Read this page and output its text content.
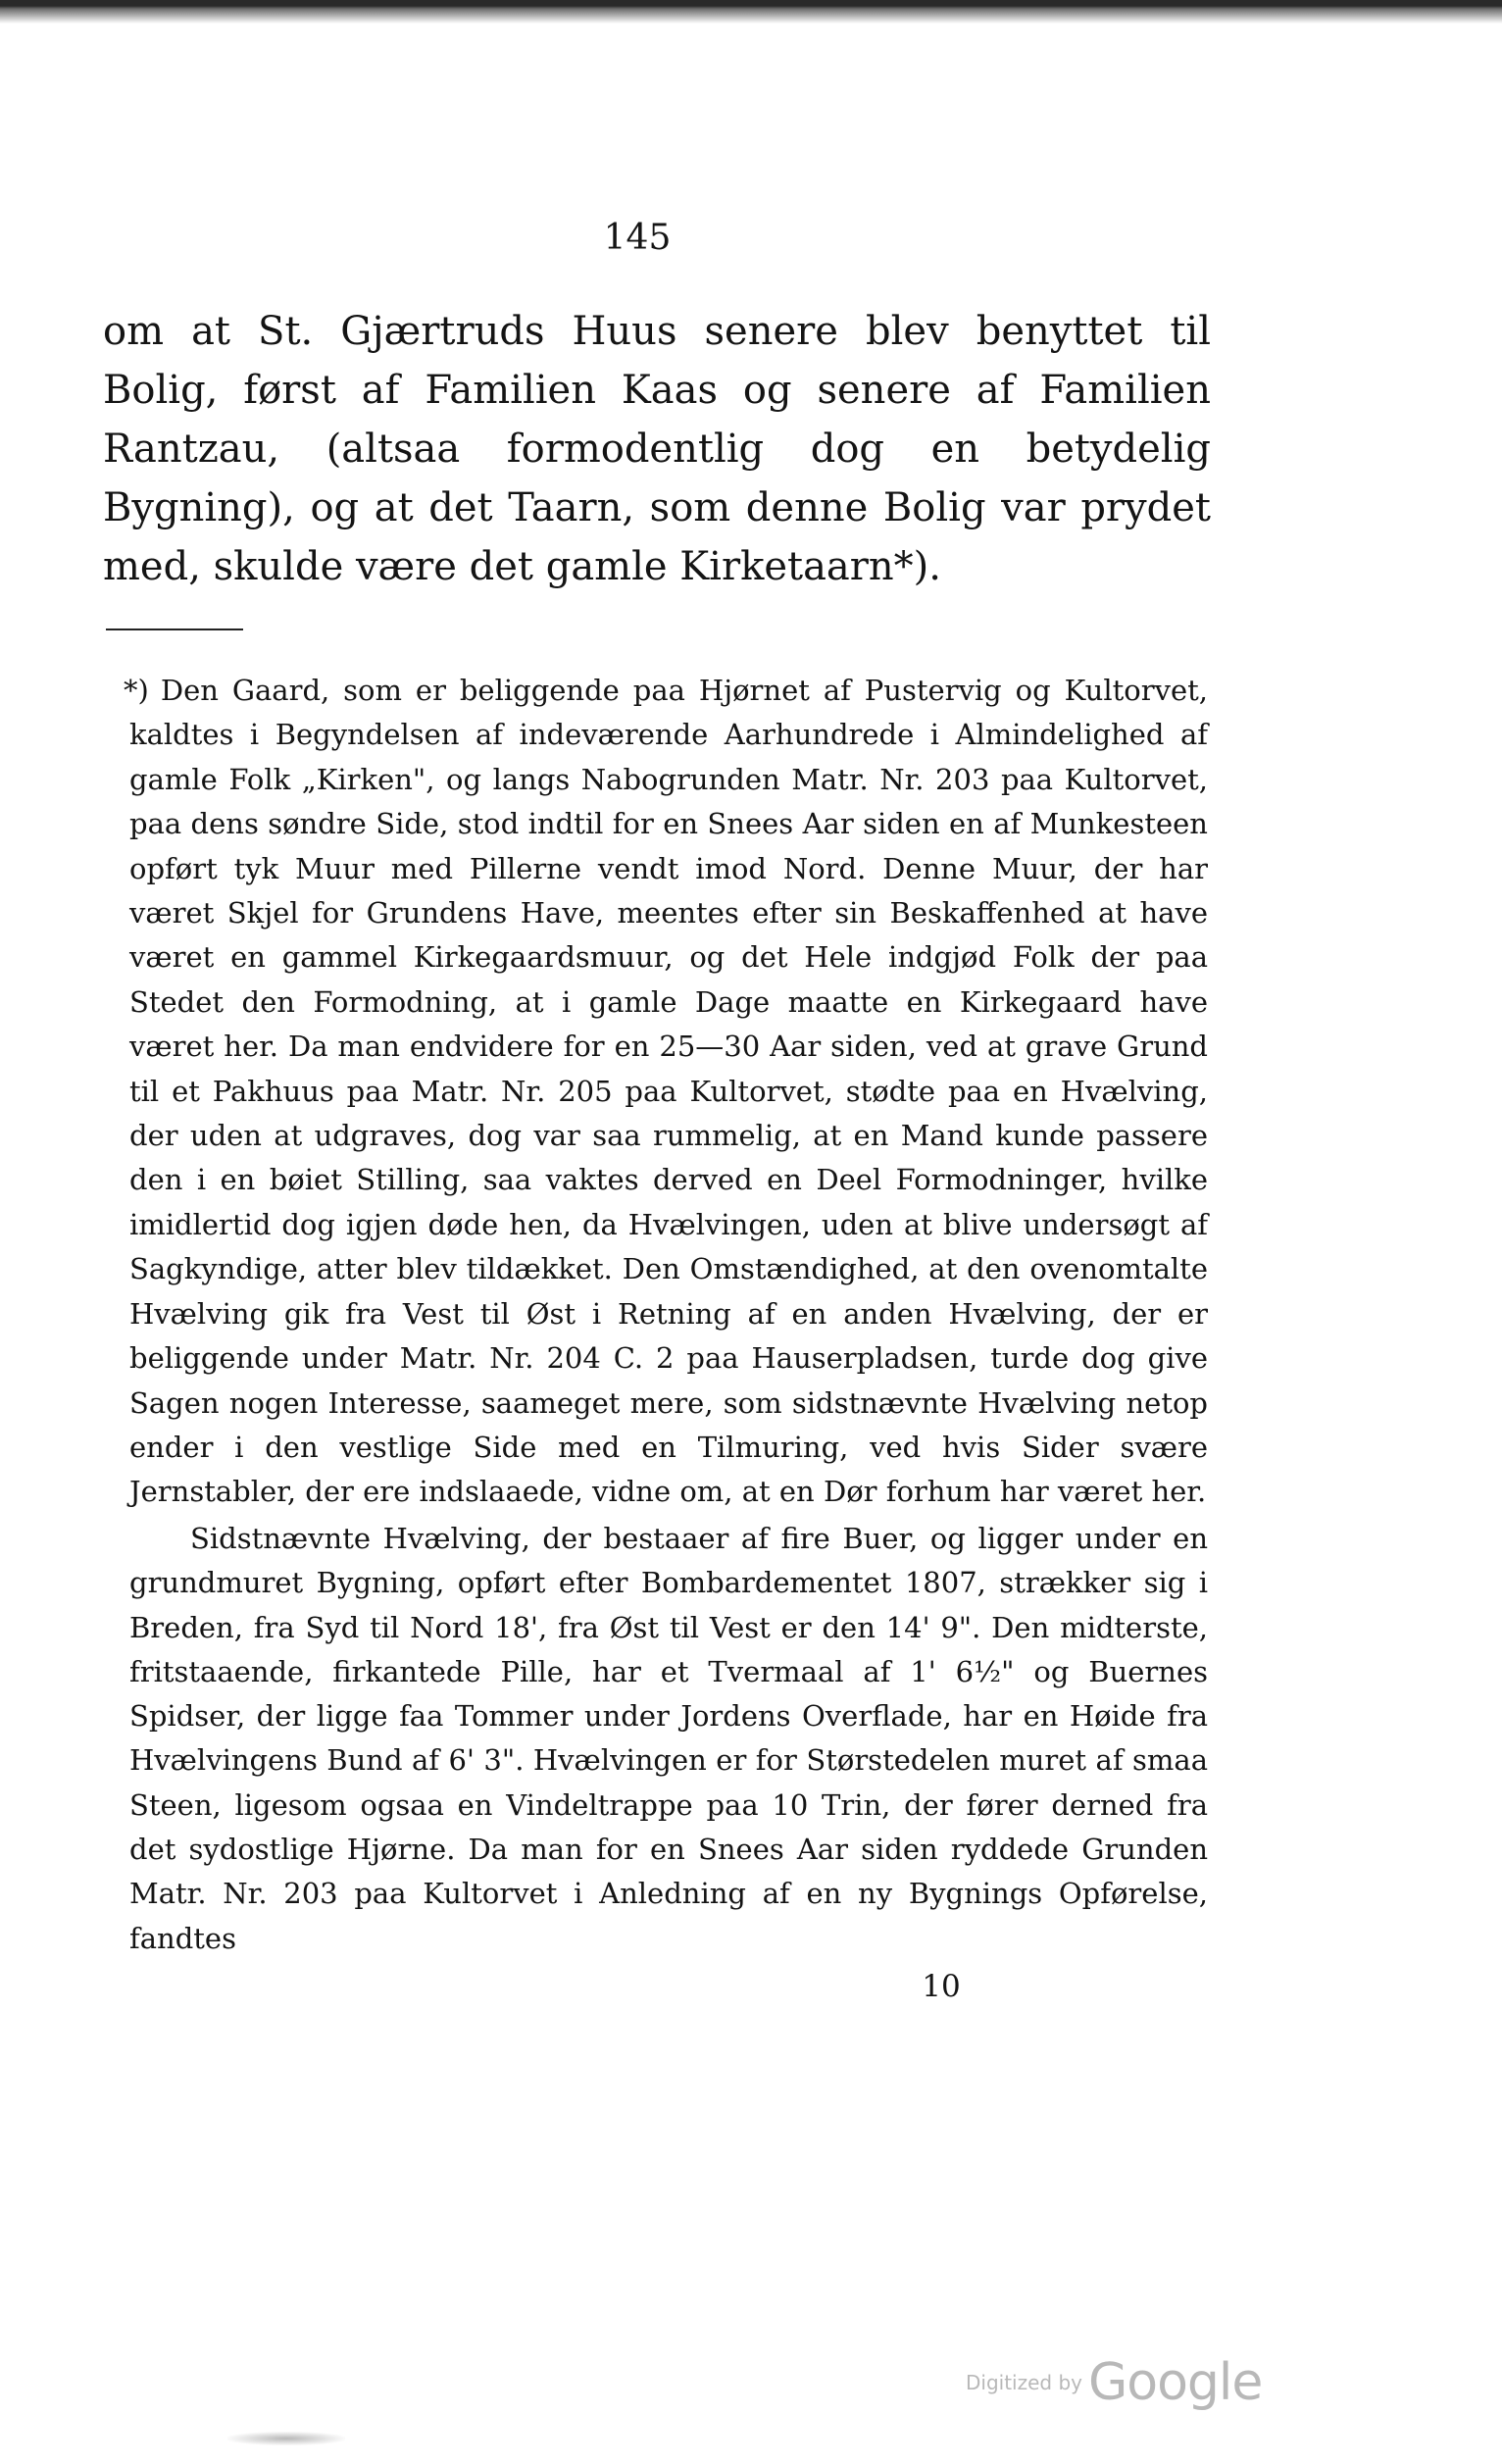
145

om at St. Gjærtruds Huus senere blev benyttet til Bolig, først af Familien Kaas og senere af Familien Rantzau, (altsaa formodentlig dog en betydelig Bygning), og at det Taarn, som denne Bolig var prydet med, skulde være det gamle Kirketaarn*).

*) Den Gaard, som er beliggende paa Hjørnet af Pustervig og Kultorvet, kaldtes i Begyndelsen af indeværende Aarhundrede i Almindelighed af gamle Folk „Kirken", og langs Nabogrunden Matr. Nr. 203 paa Kultorvet, paa dens søndre Side, stod indtil for en Snees Aar siden en af Munkesteen opført tyk Muur med Pillerne vendt imod Nord. Denne Muur, der har været Skjel for Grundens Have, meentes efter sin Beskaffenhed at have været en gammel Kirkegaardsmuur, og det Hele indgjød Folk der paa Stedet den Formodning, at i gamle Dage maatte en Kirkegaard have været her. Da man endvidere for en 25—30 Aar siden, ved at grave Grund til et Pakhuus paa Matr. Nr. 205 paa Kultorvet, stødte paa en Hvælving, der uden at udgraves, dog var saa rummelig, at en Mand kunde passere den i en bøiet Stilling, saa vaktes derved en Deel Formodninger, hvilke imidlertid dog igjen døde hen, da Hvælvingen, uden at blive undersøgt af Sagkyndige, atter blev tildækket. Den Omstændighed, at den ovenomtalte Hvælving gik fra Vest til Øst i Retning af en anden Hvælving, der er beliggende under Matr. Nr. 204 C. 2 paa Hauserpladsen, turde dog give Sagen nogen Interesse, saameget mere, som sidstnævnte Hvælving netop ender i den vestlige Side med en Tilmuring, ved hvis Sider svære Jernstabler, der ere indslaaede, vidne om, at en Dør forhum har været her.

Sidstnævnte Hvælving, der bestaaer af fire Buer, og ligger under en grundmuret Bygning, opført efter Bombardementet 1807, strækker sig i Breden, fra Syd til Nord 18', fra Øst til Vest er den 14' 9". Den midterste, fritstaaende, firkantede Pille, har et Tvermaal af 1' 6½" og Buernes Spidser, der ligge faa Tommer under Jordens Overflade, har en Høide fra Hvælvingens Bund af 6' 3". Hvælvingen er for Størstedelen muret af smaa Steen, ligesom ogsaa en Vindeltrappe paa 10 Trin, der fører derned fra det sydostlige Hjørne. Da man for en Snees Aar siden ryddede Grunden Matr. Nr. 203 paa Kultorvet i Anledning af en ny Bygnings Opførelse, fandtes

10
Digitized by Google
